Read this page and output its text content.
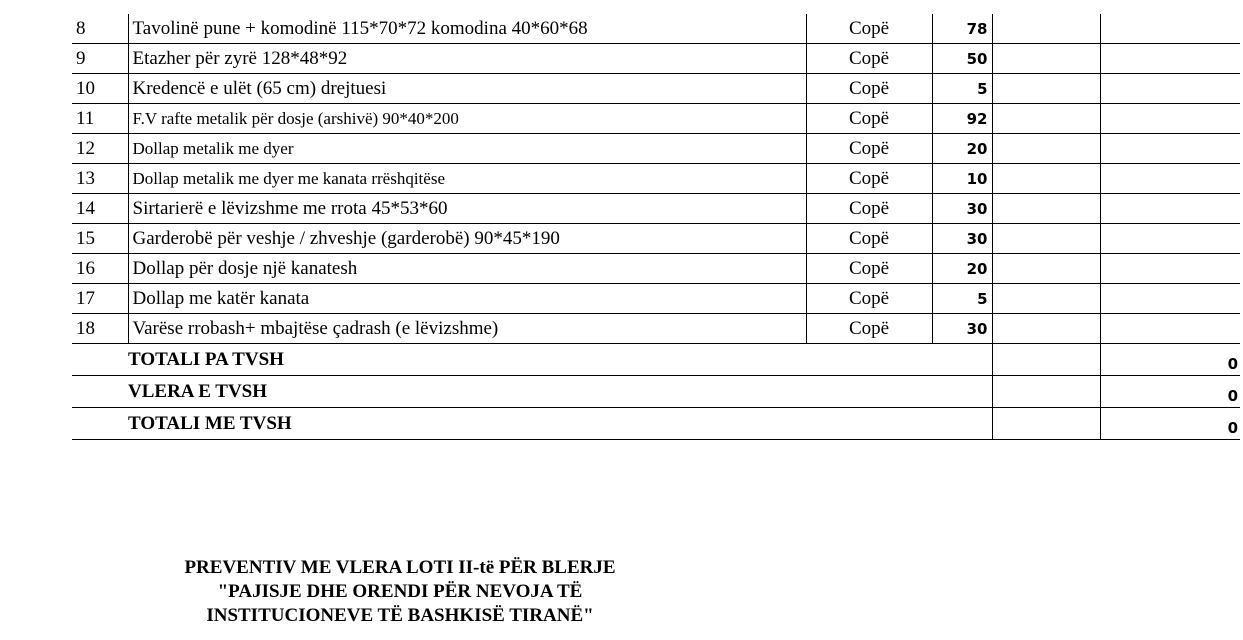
8	Tavolinë pune + komodinë 115*70*72 komodina 40*60*68	Copë	78		
9	Etazher për zyrë 128*48*92	Copë	50		
10	Kredencë e ulët (65 cm) drejtuesi	Copë	5		
11	F.V rafte metalik për dosje (arshivë) 90*40*200	Copë	92		
12	Dollap metalik me dyer	Copë	20		
13	Dollap metalik me dyer me kanata rrëshqitëse	Copë	10		
14	Sirtarierë e lëvizshme me rrota 45*53*60	Copë	30		
15	Garderobë për veshje / zhveshje (garderobë) 90*45*190	Copë	30		
16	Dollap për dosje një kanatesh	Copë	20		
17	Dollap me katër kanata	Copë	5		
18	Varëse rrobash+ mbajtëse çadrash (e lëvizshme)	Copë	30		
TOTALI PA TVSH					0
VLERA E TVSH					0
TOTALI ME TVSH					0
PREVENTIV ME VLERA LOTI II-të PËR BLERJE
"PAJISJE DHE ORENDI PËR NEVOJA TË
INSTITUCIONEVE TË BASHKISË TIRANË"
